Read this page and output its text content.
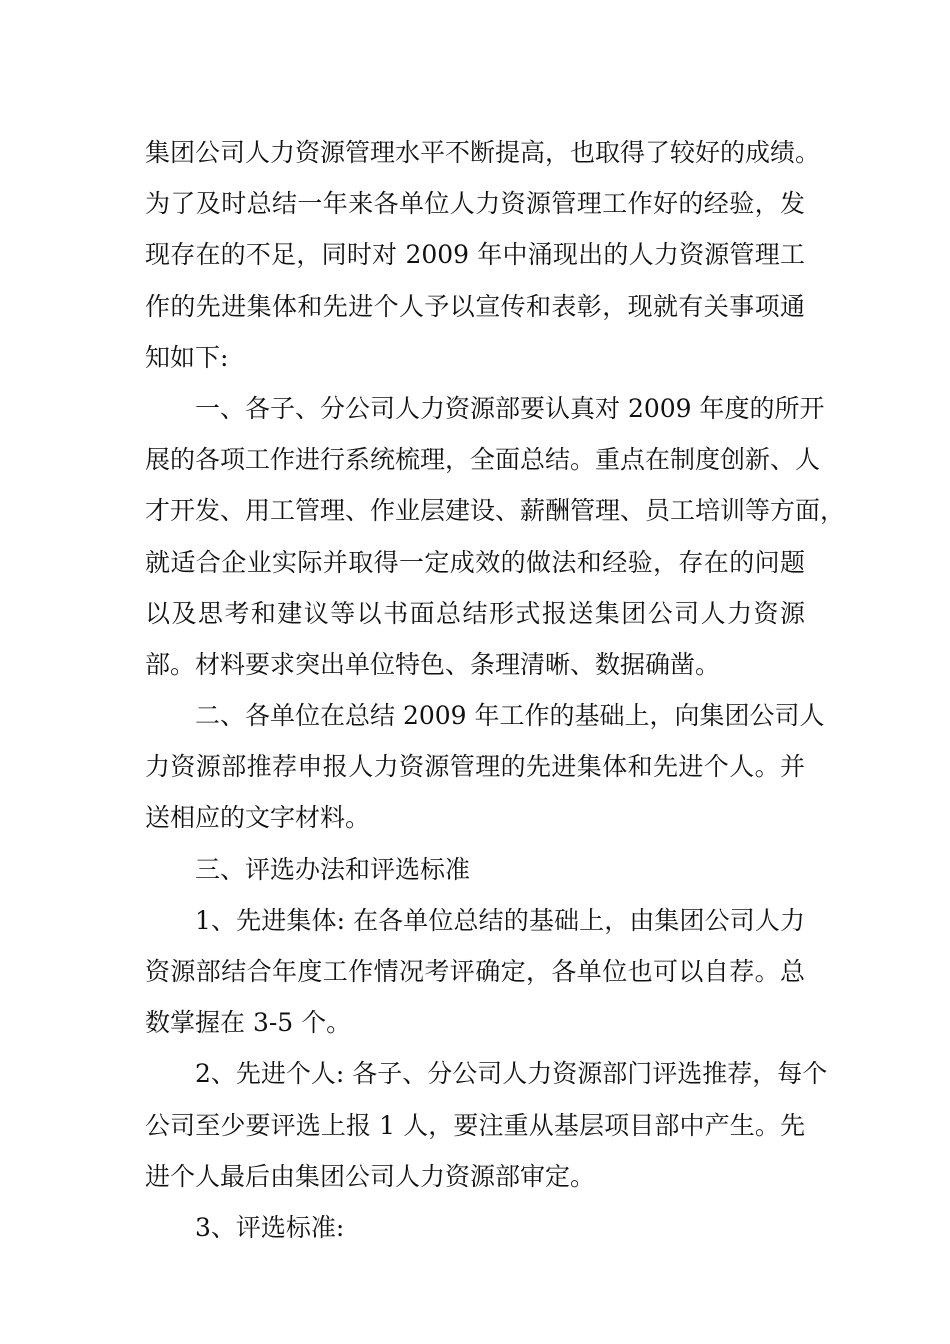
集团公司人力资源管理水平不断提高，也取得了较好的成绩。
为了及时总结一年来各单位人力资源管理工作好的经验，发
现存在的不足，同时对 2009 年中涌现出的人力资源管理工
作的先进集体和先进个人予以宣传和表彰，现就有关事项通
知如下:
一、各子、分公司人力资源部要认真对 2009 年度的所开
展的各项工作进行系统梳理，全面总结。重点在制度创新、人
才开发、用工管理、作业层建设、薪酬管理、员工培训等方面，
就适合企业实际并取得一定成效的做法和经验，存在的问题
以及思考和建议等以书面总结形式报送集团公司人力资源
部。材料要求突出单位特色、条理清晰、数据确凿。
二、各单位在总结 2009 年工作的基础上，向集团公司人
力资源部推荐申报人力资源管理的先进集体和先进个人。并
送相应的文字材料。
三、评选办法和评选标准
1、先进集体: 在各单位总结的基础上，由集团公司人力
资源部结合年度工作情况考评确定，各单位也可以自荐。总
数掌握在 3-5 个。
2、先进个人: 各子、分公司人力资源部门评选推荐，每个
公司至少要评选上报 1 人，要注重从基层项目部中产生。先
进个人最后由集团公司人力资源部审定。
3、评选标准:
